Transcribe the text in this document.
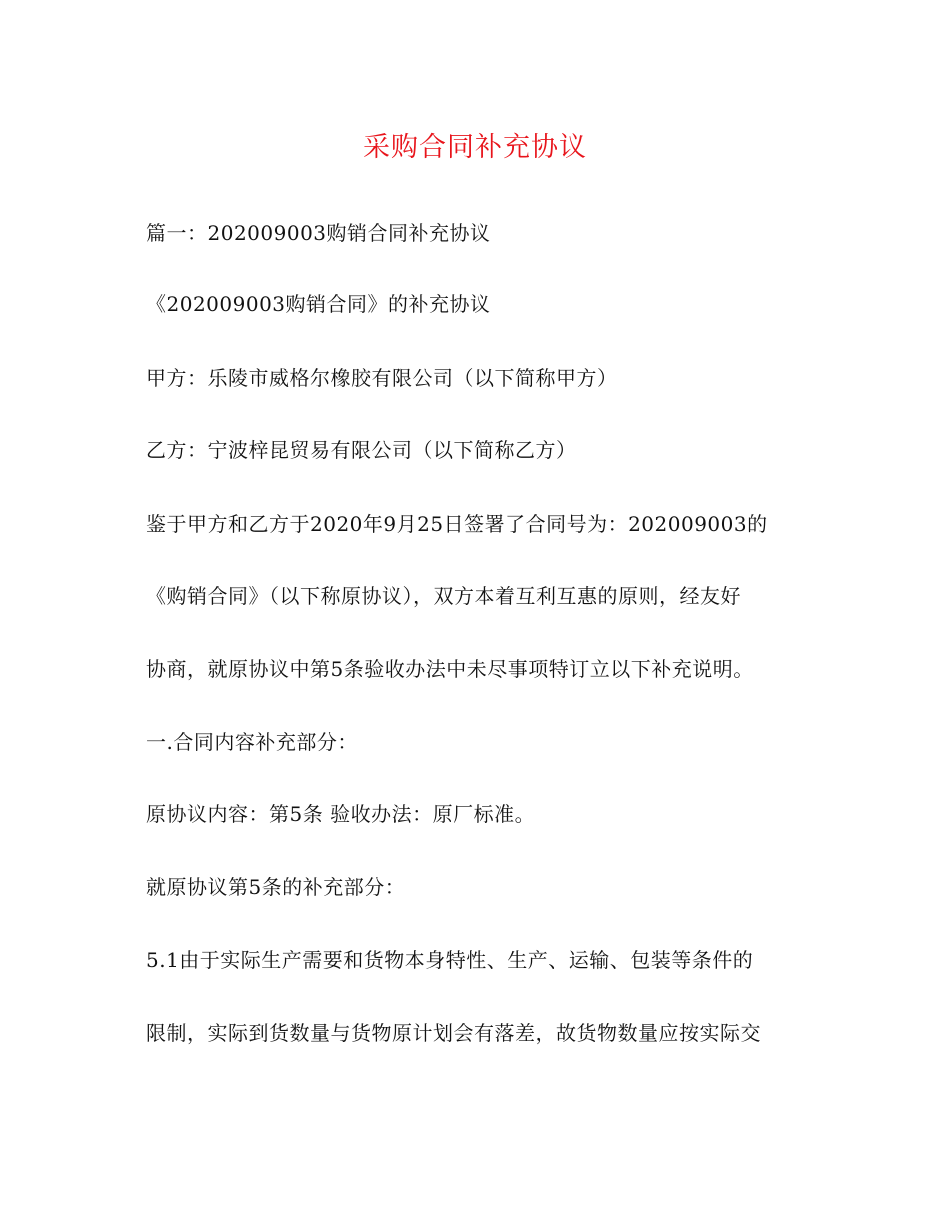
采购合同补充协议
篇一：202009003购销合同补充协议
《202009003购销合同》的补充协议
甲方：乐陵市威格尔橡胶有限公司（以下简称甲方）
乙方：宁波梓昆贸易有限公司（以下简称乙方）
鉴于甲方和乙方于2020年9月25日签署了合同号为：202009003的
《购销合同》（以下称原协议），双方本着互利互惠的原则，经友好
协商，就原协议中第5条验收办法中未尽事项特订立以下补充说明。
一.合同内容补充部分：
原协议内容：第5条 验收办法：原厂标准。
就原协议第5条的补充部分：
5.1由于实际生产需要和货物本身特性、生产、运输、包装等条件的
限制，实际到货数量与货物原计划会有落差，故货物数量应按实际交
